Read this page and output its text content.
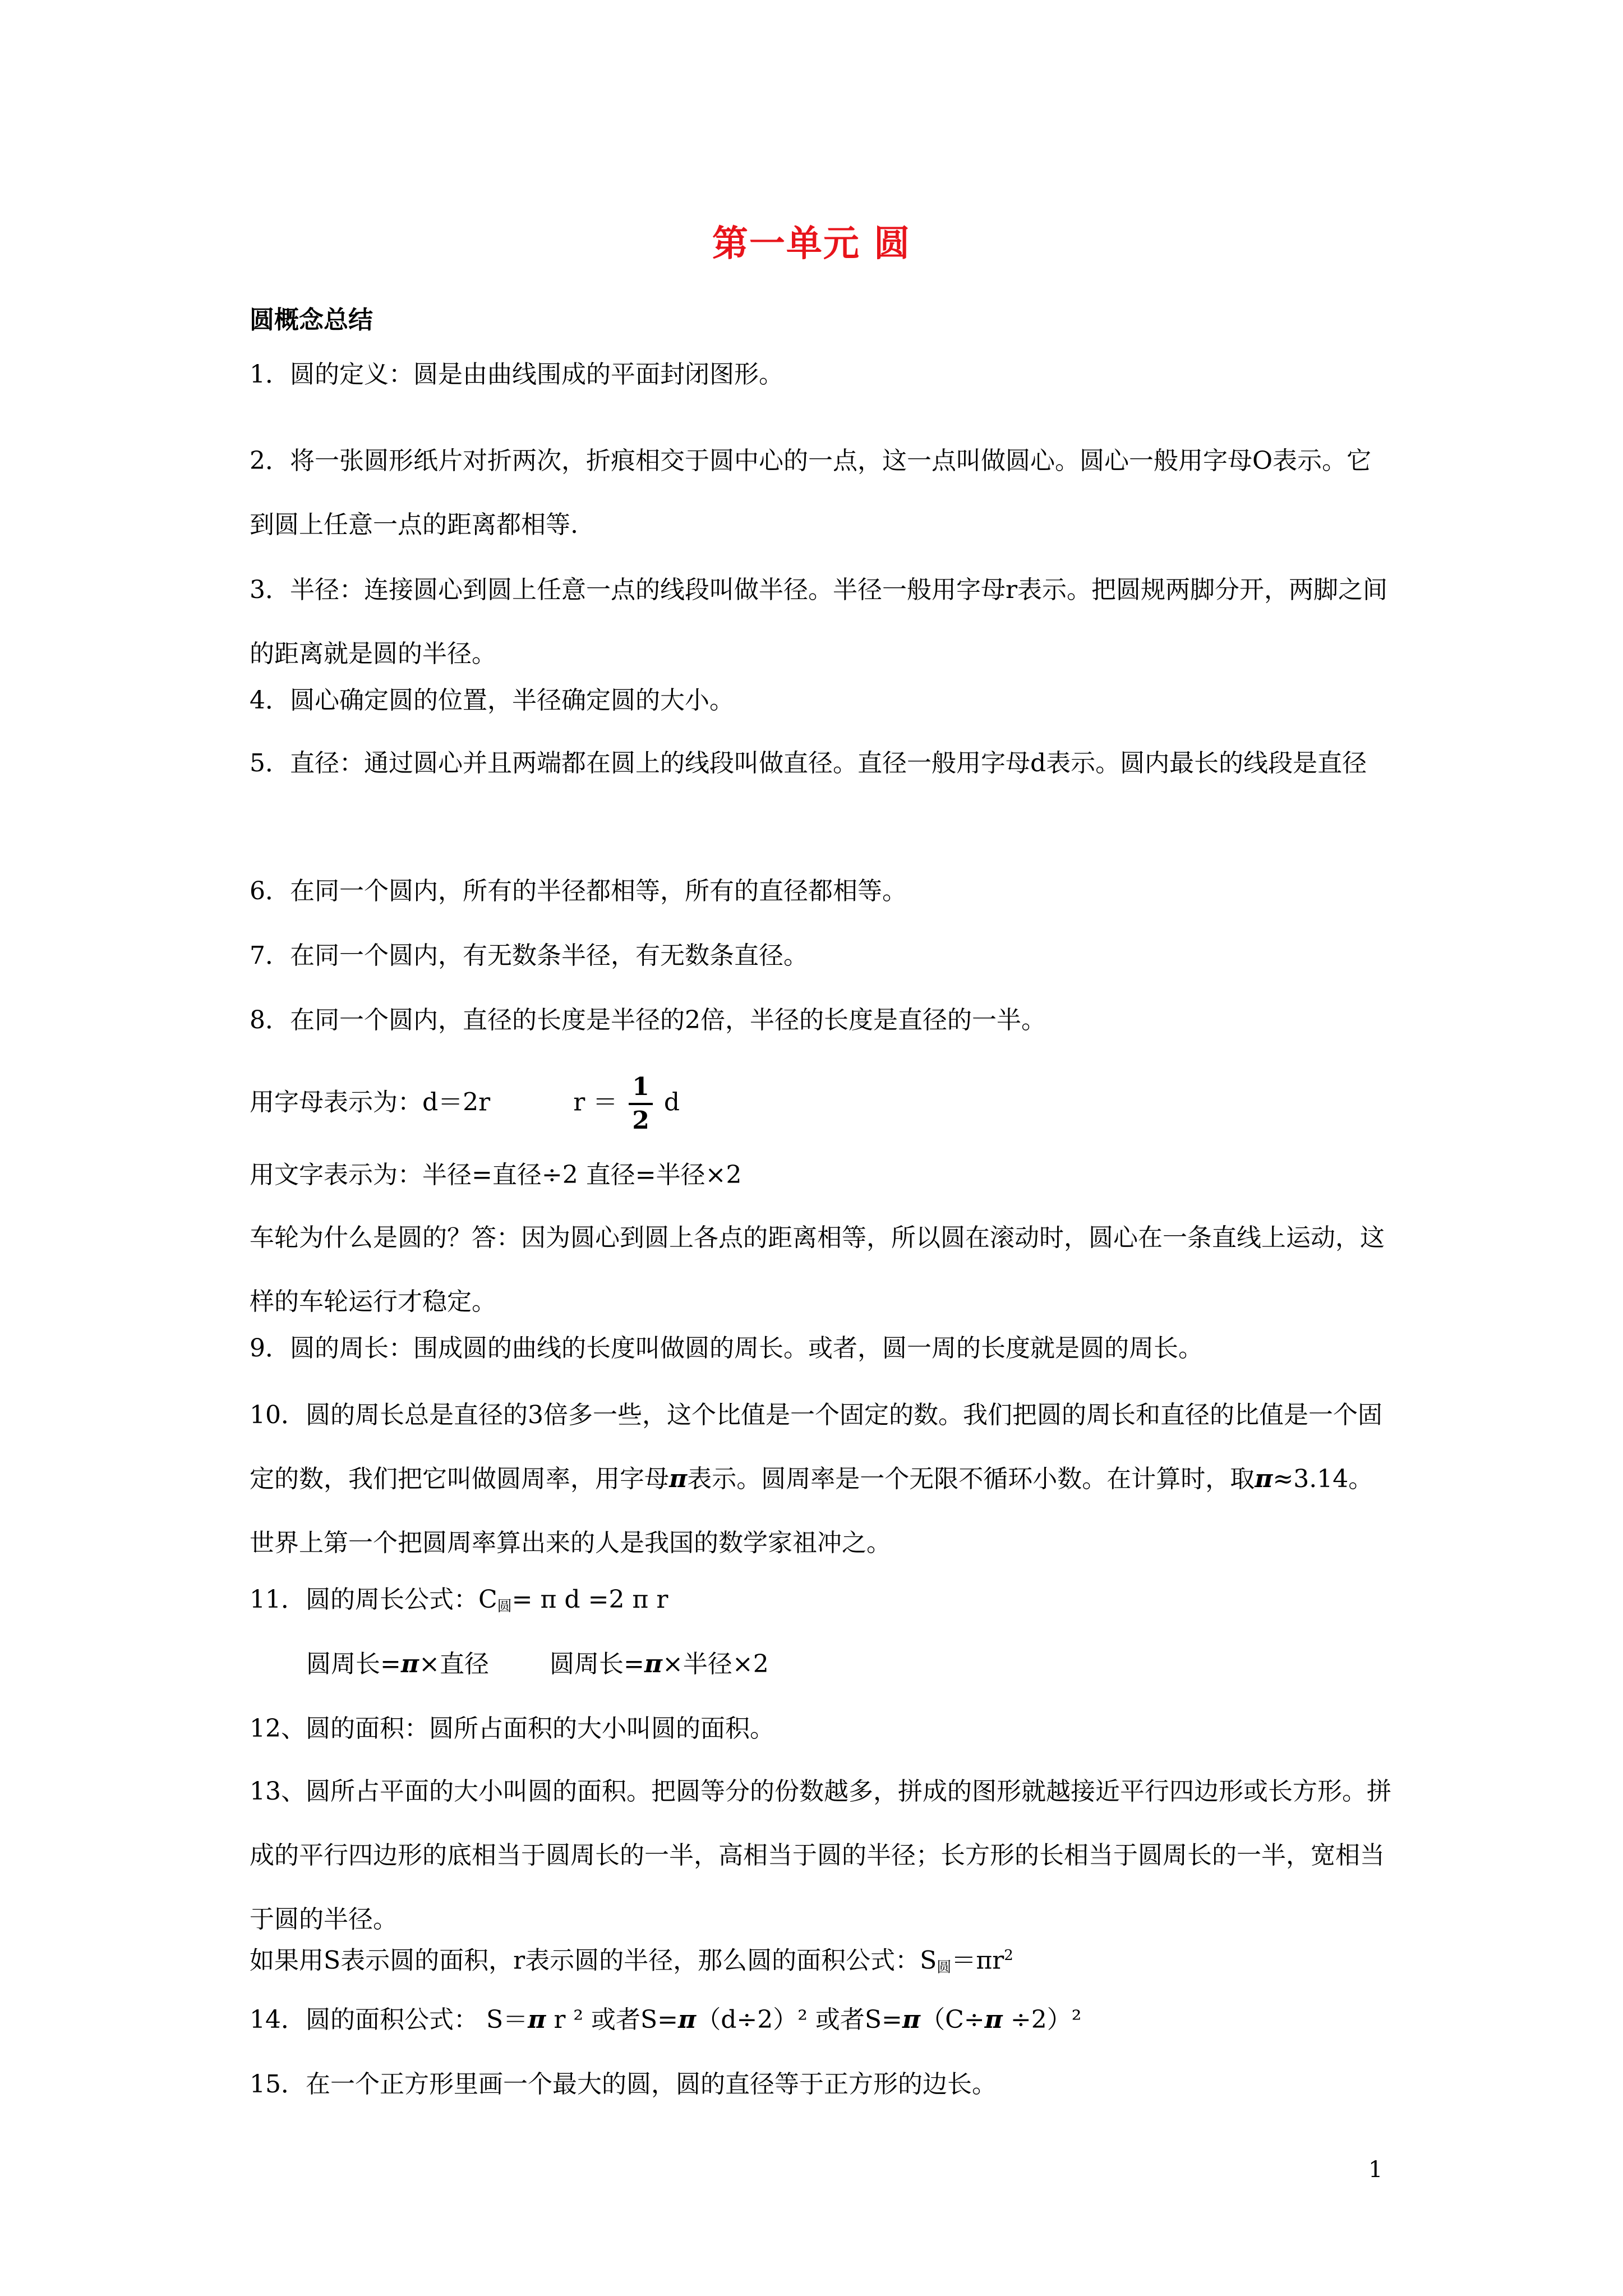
第一单元 圆
圆概念总结
1．圆的定义：圆是由曲线围成的平面封闭图形。
2．将一张圆形纸片对折两次，折痕相交于圆中心的一点，这一点叫做圆心。圆心一般用字母O表示。它到圆上任意一点的距离都相等.
3．半径：连接圆心到圆上任意一点的线段叫做半径。半径一般用字母r表示。把圆规两脚分开，两脚之间的距离就是圆的半径。
4．圆心确定圆的位置，半径确定圆的大小。
5．直径：通过圆心并且两端都在圆上的线段叫做直径。直径一般用字母d表示。圆内最长的线段是直径
6．在同一个圆内，所有的半径都相等，所有的直径都相等。
7．在同一个圆内，有无数条半径，有无数条直径。
8．在同一个圆内，直径的长度是半径的2倍，半径的长度是直径的一半。
用字母表示为：d＝2r	$r = \frac{1}{2}$ d
用文字表示为：半径=直径÷2 直径=半径×2
车轮为什么是圆的？答：因为圆心到圆上各点的距离相等，所以圆在滚动时，圆心在一条直线上运动，这样的车轮运行才稳定。
9．圆的周长：围成圆的曲线的长度叫做圆的周长。或者，圆一周的长度就是圆的周长。
10．圆的周长总是直径的3倍多一些，这个比值是一个固定的数。我们把圆的周长和直径的比值是一个固定的数，我们把它叫做圆周率，用字母π表示。圆周率是一个无限不循环小数。在计算时，取π≈3.14。世界上第一个把圆周率算出来的人是我国的数学家祖冲之。
11．圆的周长公式：$C_圆= \pi$ d =2 π r
圆周长=π×直径 圆周长=π×半径×2
12、圆的面积：圆所占面积的大小叫圆的面积。
13、圆所占平面的大小叫圆的面积。把圆等分的份数越多，拼成的图形就越接近平行四边形或长方形。拼成的平行四边形的底相当于圆周长的一半，高相当于圆的半径；长方形的长相当于圆周长的一半，宽相当于圆的半径。
如果用S表示圆的面积，r表示圆的半径，那么圆的面积公式：$S_圆=\pi r^2$
14．圆的面积公式： S＝π r ² 或者S=π（d÷2）² 或者S=π（C÷π ÷2）²
15．在一个正方形里画一个最大的圆，圆的直径等于正方形的边长。
1
